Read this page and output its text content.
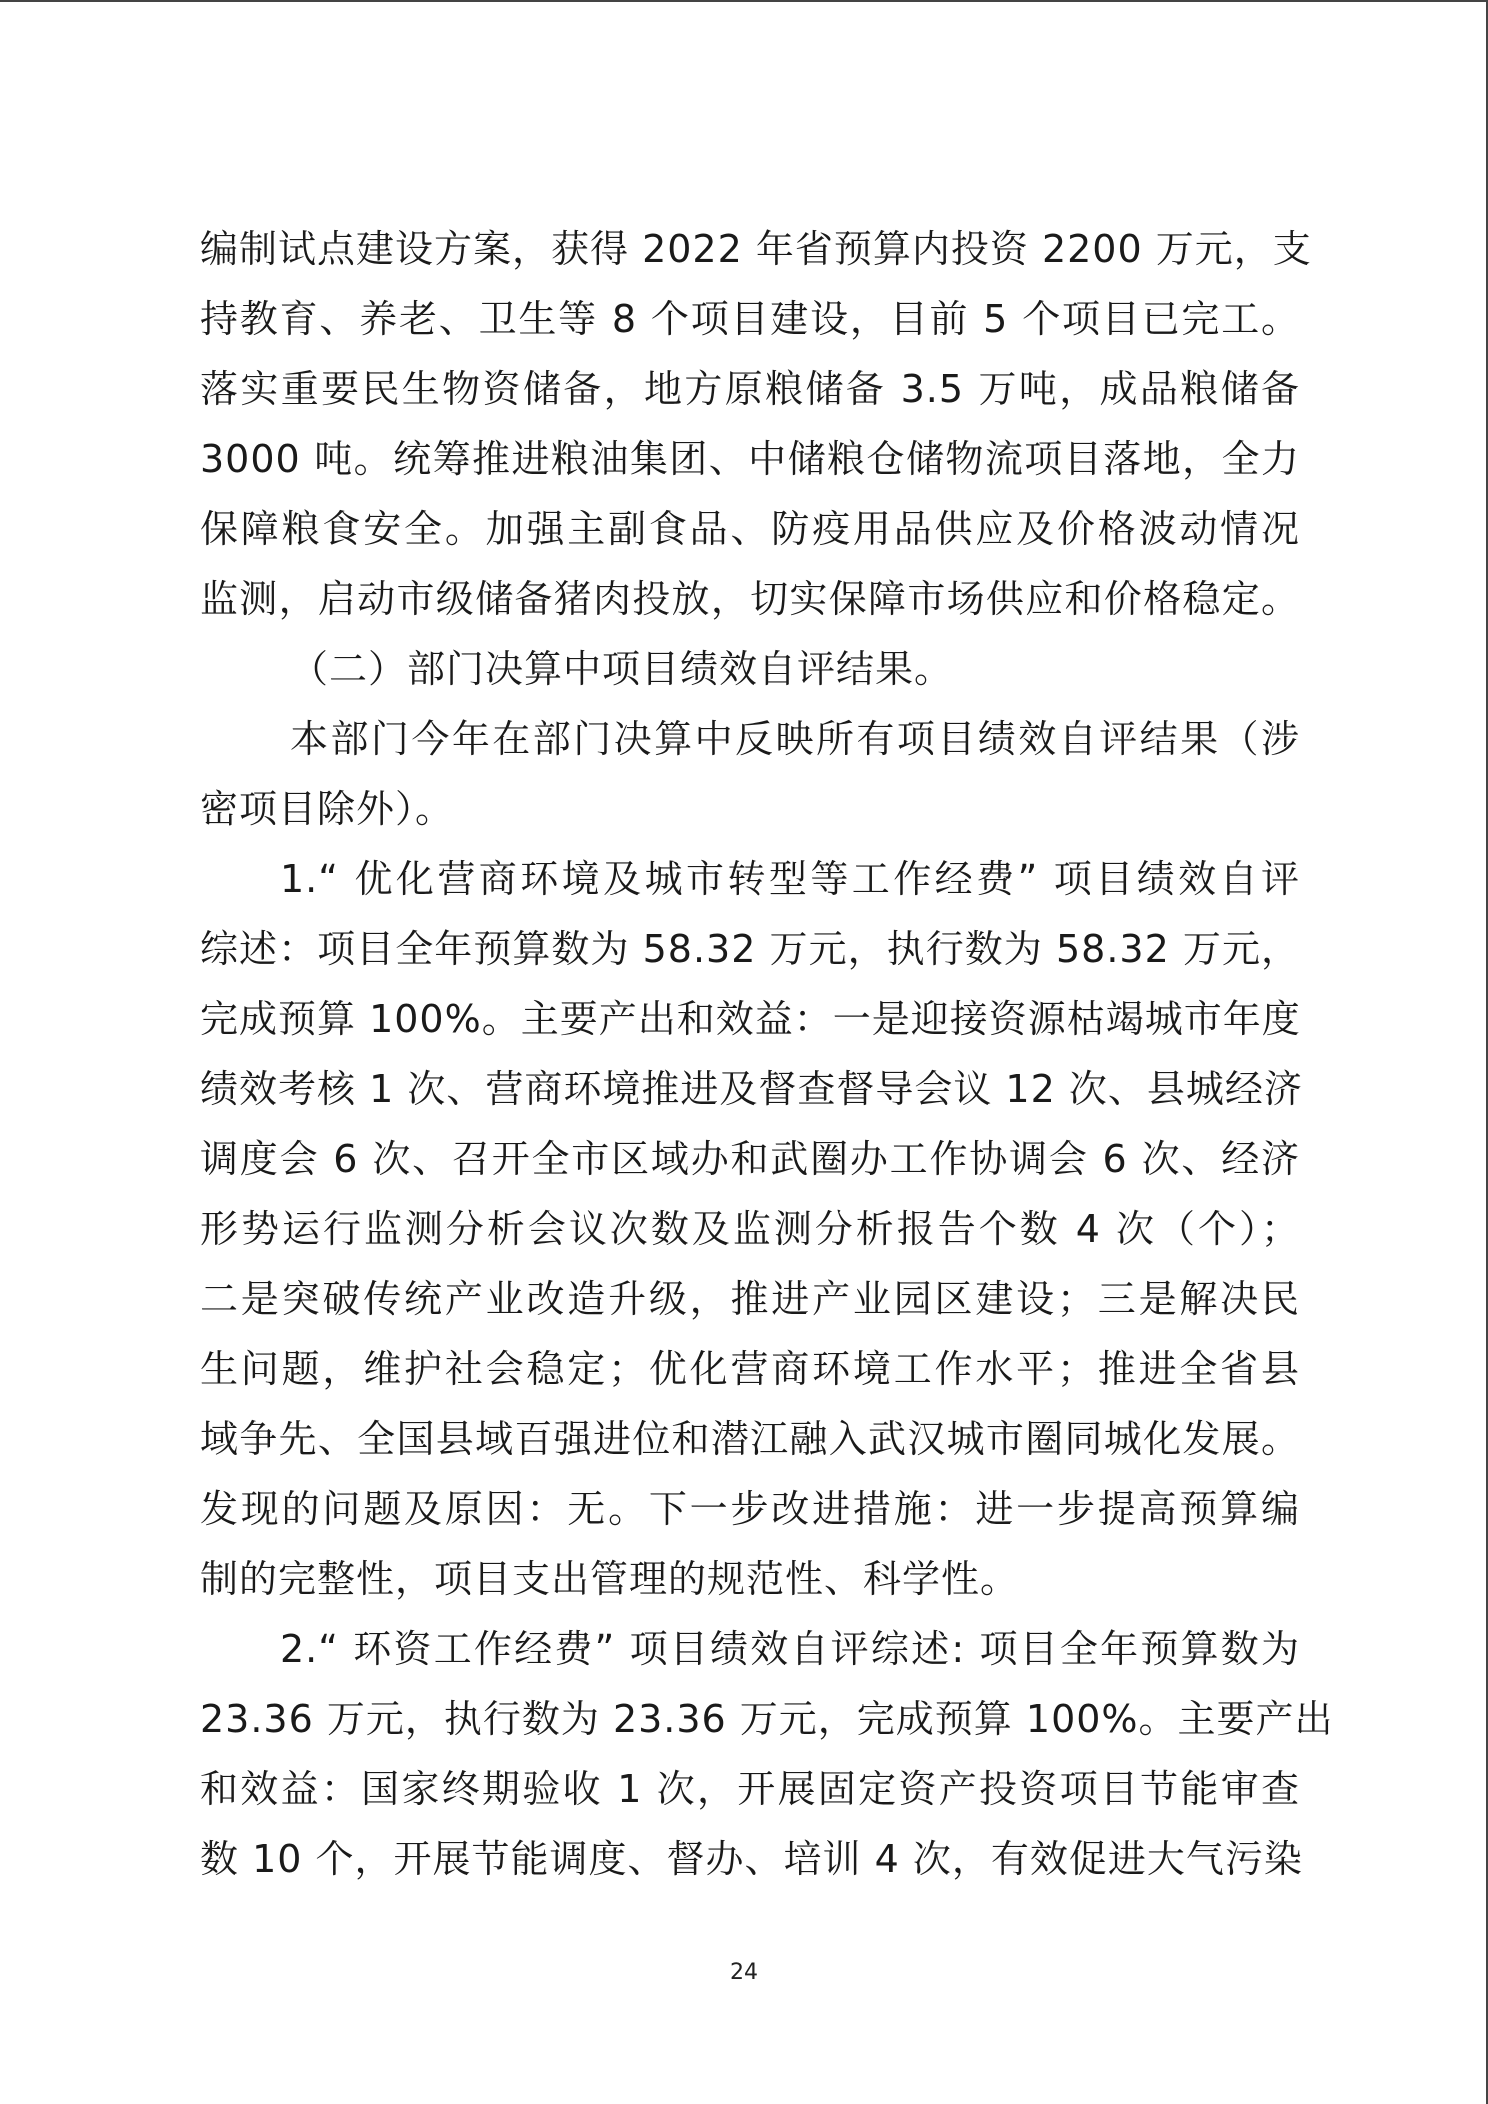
编制试点建设方案，获得 2022 年省预算内投资 2200 万元，支
持教育、养老、卫生等 8 个项目建设，目前 5 个项目已完工。
落实重要民生物资储备，地方原粮储备 3.5 万吨，成品粮储备
3000 吨。统筹推进粮油集团、中储粮仓储物流项目落地，全力
保障粮食安全。加强主副食品、防疫用品供应及价格波动情况
监测，启动市级储备猪肉投放，切实保障市场供应和价格稳定。
（二）部门决算中项目绩效自评结果。
本部门今年在部门决算中反映所有项目绩效自评结果（涉
密项目除外）。
1.“ 优化营商环境及城市转型等工作经费” 项目绩效自评
综述：项目全年预算数为 58.32 万元，执行数为 58.32 万元，
完成预算 100%。主要产出和效益：一是迎接资源枯竭城市年度
绩效考核 1 次、营商环境推进及督查督导会议 12 次、县城经济
调度会 6 次、召开全市区域办和武圈办工作协调会 6 次、经济
形势运行监测分析会议次数及监测分析报告个数 4 次（个）；
二是突破传统产业改造升级，推进产业园区建设；三是解决民
生问题，维护社会稳定；优化营商环境工作水平；推进全省县
域争先、全国县域百强进位和潜江融入武汉城市圈同城化发展。
发现的问题及原因：无。下一步改进措施：进一步提高预算编
制的完整性，项目支出管理的规范性、科学性。
2.“ 环资工作经费” 项目绩效自评综述: 项目全年预算数为
23.36 万元，执行数为 23.36 万元，完成预算 100%。主要产出
和效益：国家终期验收 1 次，开展固定资产投资项目节能审查
数 10 个，开展节能调度、督办、培训 4 次，有效促进大气污染
24
